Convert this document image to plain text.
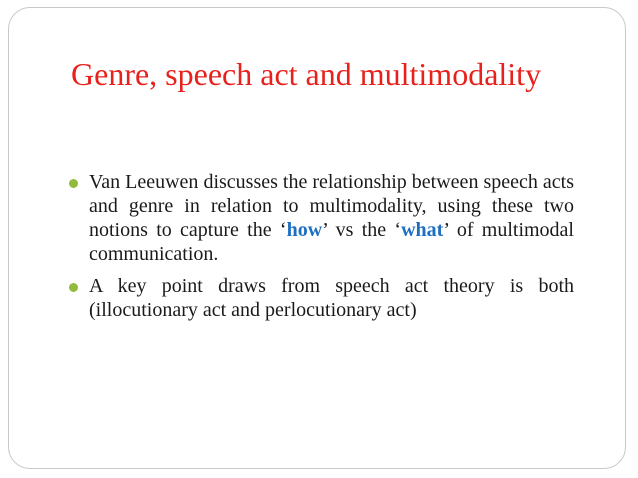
Genre, speech act and multimodality
Van Leeuwen discusses the relationship between speech acts and genre in relation to multimodality, using these two notions to capture the ‘how’ vs the ‘what’ of multimodal communication.
A key point draws from speech act theory is both (illocutionary act and perlocutionary act)
